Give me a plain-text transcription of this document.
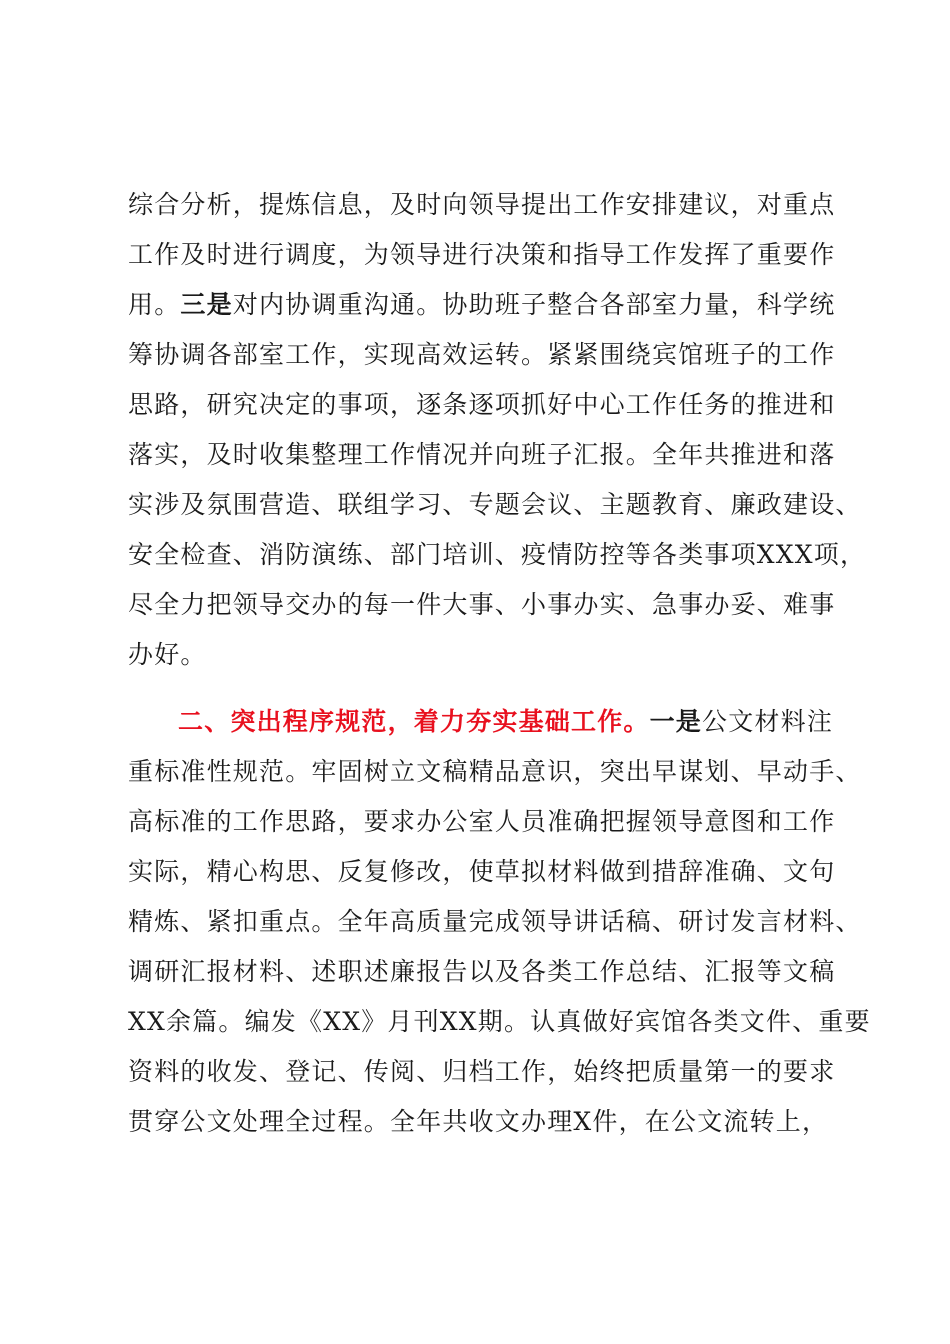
综合分析，提炼信息，及时向领导提出工作安排建议，对重点
工作及时进行调度，为领导进行决策和指导工作发挥了重要作
用。三是对内协调重沟通。协助班子整合各部室力量，科学统
筹协调各部室工作，实现高效运转。紧紧围绕宾馆班子的工作
思路，研究决定的事项，逐条逐项抓好中心工作任务的推进和
落实，及时收集整理工作情况并向班子汇报。全年共推进和落
实涉及氛围营造、联组学习、专题会议、主题教育、廉政建设、
安全检查、消防演练、部门培训、疫情防控等各类事项XXX项，
尽全力把领导交办的每一件大事、小事办实、急事办妥、难事
办好。
二、突出程序规范，着力夯实基础工作。一是公文材料注
重标准性规范。牢固树立文稿精品意识，突出早谋划、早动手、
高标准的工作思路，要求办公室人员准确把握领导意图和工作
实际，精心构思、反复修改，使草拟材料做到措辞准确、文句
精炼、紧扣重点。全年高质量完成领导讲话稿、研讨发言材料、
调研汇报材料、述职述廉报告以及各类工作总结、汇报等文稿
XX余篇。编发《XX》月刊XX期。认真做好宾馆各类文件、重要
资料的收发、登记、传阅、归档工作，始终把质量第一的要求
贯穿公文处理全过程。全年共收文办理X件，在公文流转上，
